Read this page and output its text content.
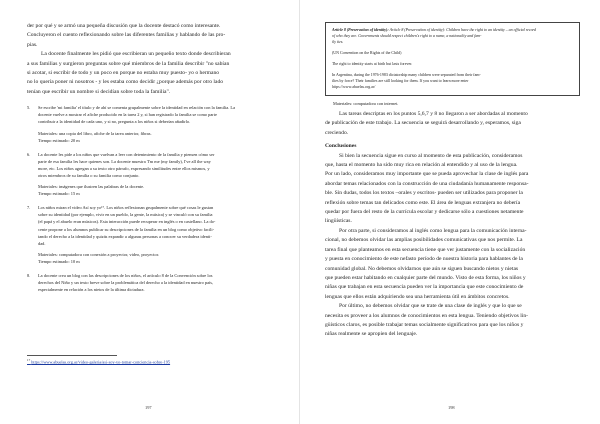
der por qué y se armó una pequeña discusión que la docente destacó como interesante.

Concluyeron el cuento reflexionando sobre las diferentes familias y hablando de las pro-

pias.

La docente finalmente les pidió que escribieran un pequeño texto donde describieran

a sus familias y surgieron preguntas sobre qué miembros de la familia describir "no sabían

si acotar, si escribir de todo y un poco en porque no estaba muy puesto- yo o hermano

no lo quería poner ni nosotros - y les estaba como decidir ¿porque además por otro lado

tenían que escribir un nombre si decidían sobre toda la familia".

5. Se escribe 'mi familia' el título y de ahí se comenta grupalmente sobre la identidad en relación con la familia. La

docente vuelve a mostrar el afiche producido en la tarea 2 y, si han registrado la familia se como parte

contribuir a la identidad de cada uno, y si no, pregunta a los niños si deberían añadirlo.

Materiales: una copia del libro, afiche de la tarea anterior, fibras.

Tiempo estimado: 20 m

6. La docente les pide a los niños que vuelvan a leer con detenimiento de la familia y piensen cómo ser

parte de esa familia les hace quienes son. La docente muestra 'I'm me (my family), I've all the way

more, etc. Los niños agregan a su texto otro párrafo, expresando similitudes entre ellos mismos, y

otros miembros de su familia o su familia como conjunto.

Materiales: imágenes que ilustren las palabras de la docente.

Tiempo estimado: 15 m

7. Los niños miran el video Así soy yo¹⁷. Los niños reflexionan grupalmente sobre qué cosas le gustan

sobre su identidad (por ejemplo, vivir en un pueblo, la gente, la música) y se vinculó con su familia

(el papá y el abuelo eran músicos). Esta interacción puede recuperar en inglés o en castellano. La do-

cente propone a los alumnos publicar su descripciones de la familia en un blog como objetivo facili-

tando el derecho a la identidad y quizás expandir a algunas personas a conocer su verdadera identi-

dad.

Materiales: computadora con conexión a proyector, video, proyector.

Tiempo estimado: 10 m

8. La docente crea un blog con las descripciones de los niños, el artículo 8 de la Convención sobre los

derechos del Niño y un texto breve sobre la problemática del derecho a la identidad en nuestro país,

especialmente en relación a los nietos de la última dictadura.

$^{17}$ https://www.abuelas.org.ar/video-galeria/asi-soy-yo-tomar-conciencia-sobre-195
197

Article 8 (Preservation of identity): Article 8 (Preservation of identity): Children have the right to an identity – an official record

of who they are. Governments should respect children's right to a name, a nationality and fam-

ily ties.

(UN Convention on the Rights of the Child)

The right to identity starts at birth but lasts forever.

In Argentina, during the 1976-1983 dictatorship many children were separated from their fam-

ilies by force? Their families are still looking for them. If you want to learn more enter

https://www.abuelas.org.ar/

Materiales: computadora con internet.

Las tareas descriptas en los puntos 5,6,7 y 8 no llegaron a ser abordadas al momento

de publicación de este trabajo. La secuencia se seguirá desarrollando y, esperamos, siga

creciendo.

Conclusiones

Si bien la secuencia sigue en curso al momento de esta publicación, consideramos

que, hasta el momento ha sido muy rica en relación al entendido y al uso de la lengua.

Por un lado, consideramos muy importante que se pueda aprovechar la clase de inglés para

abordar temas relacionados con la construcción de una ciudadanía humanamente responsa-

ble. Sin dudas, todos los textos –orales y escritos- pueden ser utilizados para proponer la

reflexión sobre temas tan delicados como este. El área de lenguas extranjera no debería

quedar por fuera del resto de la currícula escolar y dedicarse sólo a cuestiones netamente

lingüísticas.

Por otra parte, si consideramos al inglés como lengua para la comunicación interna-

cional, no debemos olvidar las amplias posibilidades comunicativas que nos permite. La

tarea final que planteamos en esta secuencia tiene que ver justamente con la socialización

y puesta en conocimiento de este nefasto período de nuestra historia para hablantes de la

comunidad global. No debemos olvidarnos que aún se siguen buscando nietos y nietas

que pueden estar habitando en cualquier parte del mundo. Visto de esta forma, los niños y

niñas que trabajan en esta secuencia pueden ver la importancia que este conocimiento de

lenguas que ellos están adquiriendo sea una herramienta útil en ámbitos concretos.

Por último, no debemos olvidar que se trate de una clase de inglés y que lo que se

necesita es proveer a los alumnos de conocimientos en esta lengua. Teniendo objetivos lin-

güísticos claros, es posible trabajar temas socialmente significativos para que los niños y

niñas realmente se apropien del lenguaje.

198
